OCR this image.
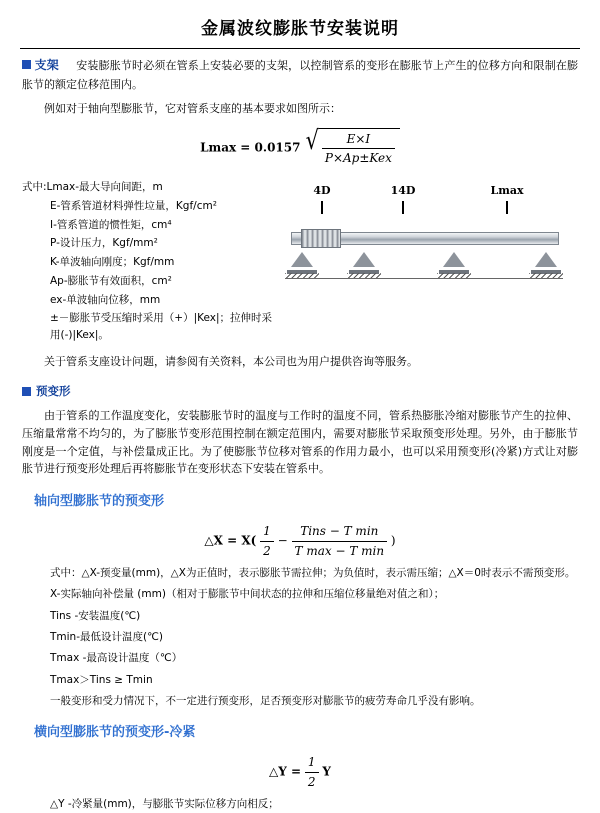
金属波纹膨胀节安装说明
支架 安装膨胀节时必须在管系上安装必要的支架，以控制管系的变形在膨胀节上产生的位移方向和限制在膨胀节的额定位移范围内。
例如对于轴向型膨胀节，它对管系支座的基本要求如图所示：
Lmax = 0.0157 √ $\frac{E\times I}{\text{P×Ap±Kex}}$
式中:Lmax-最大导向间距，m
E-管系管道材料弹性垃量，Kgf/cm²
I-管系管道的惯性矩，cm⁴
P-设计压力，Kgf/mm²
K-单波轴向刚度；Kgf/mm
Ap-膨胀节有效面积，cm²
ex-单波轴向位移，mm
±－膨胀节受压缩时采用（+）|Kex|；拉伸时采用(-)|Kex|。
4D	14D	Lmax
关于管系支座设计问题，请参阅有关资料，本公司也为用户提供咨询等服务。
预变形
由于管系的工作温度变化，安装膨胀节时的温度与工作时的温度不同，管系热膨胀冷缩对膨胀节产生的拉伸、压缩量常常不均匀的，为了膨胀节变形范围控制在额定范围内，需要对膨胀节采取预变形处理。另外，由于膨胀节刚度是一个定值，与补偿量成正比。为了使膨胀节位移对管系的作用力最小，也可以采用预变形(冷紧)方式让对膨胀节进行预变形处理后再将膨胀节在变形状态下安装在管系中。
轴向型膨胀节的预变形
△X = $X( \frac{1}{2} - \frac{\text{Tins − T min}}{\text{T max − T min}}$ )
式中：△X-预变量(mm)，△X为正值时，表示膨胀节需拉伸；为负值时，表示需压缩；△X＝0时表示不需预变形。
X-实际轴向补偿量 (mm)（相对于膨胀节中间状态的拉伸和压缩位移量绝对值之和）；
Tins -安装温度(℃)
Tmin-最低设计温度(℃)
Tmax -最高设计温度（℃）
Tmax＞Tins ≥ Tmin
一般变形和受力情况下，不一定进行预变形，足否预变形对膨胀节的疲劳寿命几乎没有影响。
横向型膨胀节的预变形-冷紧
△Y = $\frac{1}{2}$ Y
△Y -冷紧量(mm)，与膨胀节实际位移方向相反；
